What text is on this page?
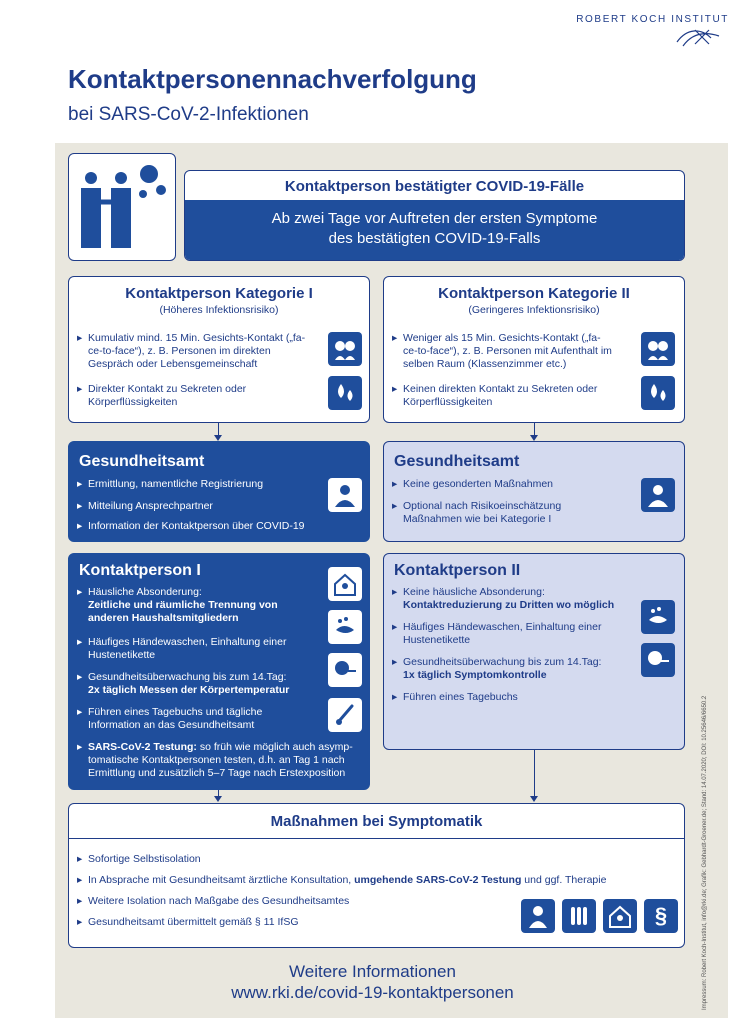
ROBERT KOCH INSTITUT
Kontaktpersonennachverfolgung
bei SARS-CoV-2-Infektionen
Kontaktperson bestätigter COVID-19-Fälle
Ab zwei Tage vor Auftreten der ersten Symptome
des bestätigten COVID-19-Falls
Kontaktperson Kategorie I
(Höheres Infektionsrisiko)
▸ Kumulativ mind. 15 Min. Gesichts-Kontakt („fa-
ce-to-face“), z. B. Personen im direkten
Gespräch oder Lebensgemeinschaft
▸ Direkter Kontakt zu Sekreten oder
Körperflüssigkeiten
Kontaktperson Kategorie II
(Geringeres Infektionsrisiko)
▸ Weniger als 15 Min. Gesichts-Kontakt („fa-
ce-to-face“), z. B. Personen mit Aufenthalt im
selben Raum (Klassenzimmer etc.)
▸ Keinen direkten Kontakt zu Sekreten oder
Körperflüssigkeiten
Gesundheitsamt
▸ Ermittlung, namentliche Registrierung
▸ Mitteilung Ansprechpartner
▸ Information der Kontaktperson über COVID-19
Gesundheitsamt
▸ Keine gesonderten Maßnahmen
▸ Optional nach Risikoeinschätzung
Maßnahmen wie bei Kategorie I
Kontaktperson I
▸ Häusliche Absonderung:
Zeitliche und räumliche Trennung von
anderen Haushaltsmitgliedern
▸ Häufiges Händewaschen, Einhaltung einer
Hustenetikette
▸ Gesundheitsüberwachung bis zum 14.Tag:
2x täglich Messen der Körpertemperatur
▸ Führen eines Tagebuchs und tägliche
Information an das Gesundheitsamt
▸ SARS-CoV-2 Testung: so früh wie möglich auch asymp-
tomatische Kontaktpersonen testen, d.h. an Tag 1 nach
Ermittlung und zusätzlich 5–7 Tage nach Erstexposition
Kontaktperson II
▸ Keine häusliche Absonderung:
Kontaktreduzierung zu Dritten wo möglich
▸ Häufiges Händewaschen, Einhaltung einer
Hustenetikette
▸ Gesundheitsüberwachung bis zum 14.Tag:
1x täglich Symptomkontrolle
▸ Führen eines Tagebuchs
Maßnahmen bei Symptomatik
▸ Sofortige Selbstisolation
▸ In Absprache mit Gesundheitsamt ärztliche Konsultation, umgehende SARS-CoV-2 Testung und ggf. Therapie
▸ Weitere Isolation nach Maßgabe des Gesundheitsamtes
▸ Gesundheitsamt übermittelt gemäß § 11 IfSG	§
Weitere Informationen
www.rki.de/covid-19-kontaktpersonen	Impressum: Robert Koch-Institut, info@rki.de; Grafik: Gebhardt-Groener.de; Stand: 14.07.2020; DOI: 10.25646/6650.2
